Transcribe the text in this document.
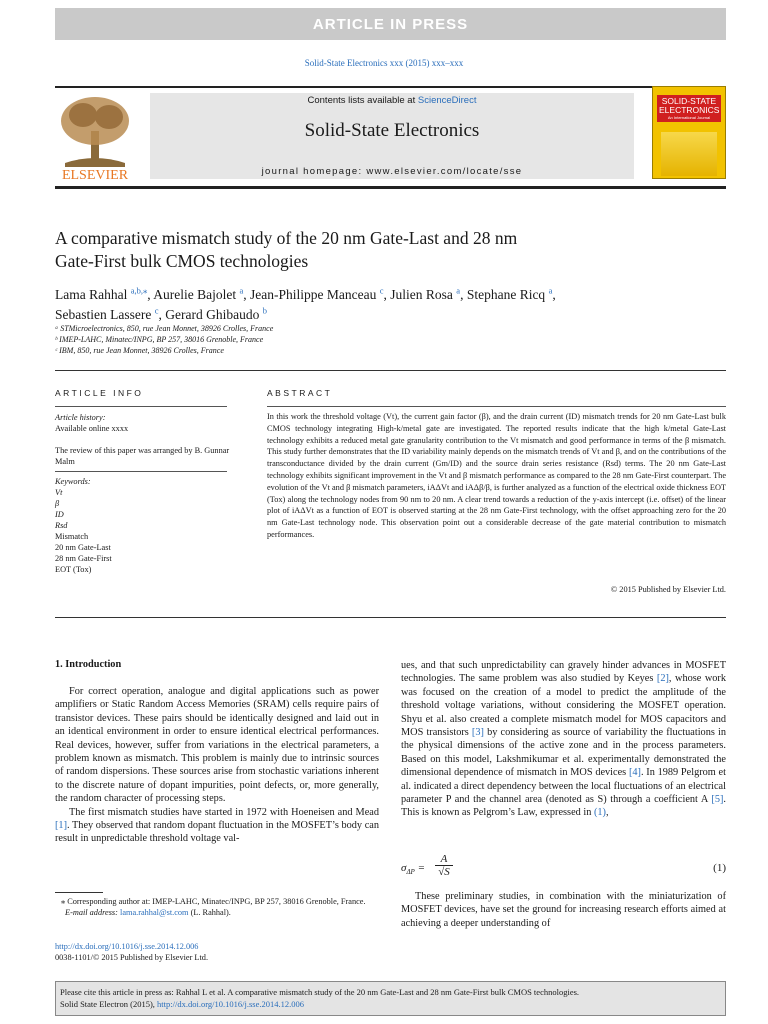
ARTICLE IN PRESS
Solid-State Electronics xxx (2015) xxx–xxx
ELSEVIER
Contents lists available at ScienceDirect
Solid-State Electronics
journal homepage: www.elsevier.com/locate/sse
SOLID-STATE
ELECTRONICS
An International Journal
A comparative mismatch study of the 20 nm Gate-Last and 28 nm
Gate-First bulk CMOS technologies
Lama Rahhal $^{a,b,⁎}$, Aurelie Bajolet $^a$, Jean-Philippe Manceau $^c$, Julien Rosa $^a$, Stephane Ricq $^a$,
Sebastien Lassere $^c$, Gerard Ghibaudo $^b$
ᵃ STMicroelectronics, 850, rue Jean Monnet, 38926 Crolles, France
ᵇ IMEP-LAHC, Minatec/INPG, BP 257, 38016 Grenoble, France
ᶜ IBM, 850, rue Jean Monnet, 38926 Crolles, France
ARTICLE INFO	ABSTRACT
Article history:
Available online xxxx
The review of this paper was arranged by B. Gunnar Malm
Keywords:
Vt
β
ID
Rsd
Mismatch
20 nm Gate-Last
28 nm Gate-First
EOT (Tox)
In this work the threshold voltage (Vt), the current gain factor (β), and the drain current (ID) mismatch trends for 20 nm Gate-Last bulk CMOS technology integrating High-k/metal gate are investigated. The reported results indicate that the high k/metal Gate-Last technology exhibits a reduced metal gate granularity contribution to the Vt mismatch and good performance in terms of the β mismatch. This study further demonstrates that the ID variability mainly depends on the mismatch trends of Vt and β, and on the contributions of the transconductance divided by the drain current (Gm/ID) and the source drain series resistance (Rsd) terms. The 20 nm Gate-Last technology exhibits significant improvement in the Vt and β mismatch performance as compared to the 28 nm Gate-First counterpart. The evolution of the Vt and β mismatch parameters, iAΔVt and iAΔβ/β, is further analyzed as a function of the electrical oxide thickness EOT (Tox) along the technology nodes from 90 nm to 20 nm. A clear trend towards a reduction of the y-axis intercept (i.e. offset) of the linear plot of iAΔVt as a function of EOT is observed starting at the 28 nm Gate-First technology, with the offset approaching zero for the 20 nm Gate-Last technology node. This observation point out a considerable decrease of the gate material contribution to mismatch performances.
© 2015 Published by Elsevier Ltd.
1. Introduction

For correct operation, analogue and digital applications such as power amplifiers or Static Random Access Memories (SRAM) cells require pairs of transistor devices. These pairs should be identically designed and laid out in an identical environment in order to ensure identical electrical performances. Real devices, however, suffer from variations in the electrical parameters, a problem known as mismatch. This problem is mainly due to intrinsic sources of random dispersions. These sources arise from stochastic variations inherent to the discrete nature of dopant impurities, point defects, or, more generally, the random character of processing steps.

The first mismatch studies have started in 1972 with Hoeneisen and Mead [1]. They observed that random dopant fluctuation in the MOSFET’s body can result in unpredictable threshold voltage val-

ues, and that such unpredictability can gravely hinder advances in MOSFET technologies. The same problem was also studied by Keyes [2], whose work was focused on the creation of a model to predict the amplitude of the threshold voltage variations, without considering the MOSFET operation. Shyu et al. also created a complete mismatch model for MOS capacitors and MOS transistors [3] by considering as source of variability the fluctuations in the physical dimensions of the active zone and in the process parameters. Based on this model, Lakshmikumar et al. experimentally demonstrated the dimensional dependence of mismatch in MOS devices [4]. In 1989 Pelgrom et al. indicated a direct dependency between the local fluctuations of an electrical parameter P and the channel area (denoted as S) through a coefficient A [5]. This is known as Pelgrom’s Law, expressed in (1),
$\sigma_{\Delta P}$ =
A
√S	(1)
These preliminary studies, in combination with the miniaturization of MOSFET devices, have set the ground for increasing research efforts aimed at achieving a deeper understanding of
⁎ Corresponding author at: IMEP-LAHC, Minatec/INPG, BP 257, 38016 Grenoble, France.
E-mail address: lama.rahhal@st.com (L. Rahhal).
http://dx.doi.org/10.1016/j.sse.2014.12.006
0038-1101/© 2015 Published by Elsevier Ltd.
Please cite this article in press as: Rahhal L et al. A comparative mismatch study of the 20 nm Gate-Last and 28 nm Gate-First bulk CMOS technologies.
Solid State Electron (2015), http://dx.doi.org/10.1016/j.sse.2014.12.006
